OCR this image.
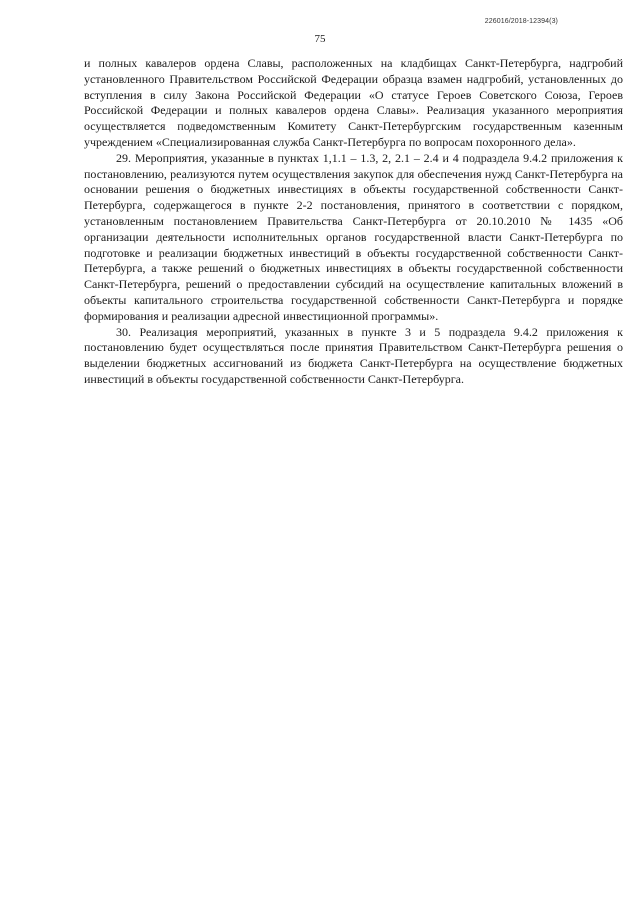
226016/2018-12394(3)
75

и полных кавалеров ордена Славы, расположенных на кладбищах Санкт-Петербурга, надгробий установленного Правительством Российской Федерации образца взамен надгробий, установленных до вступления в силу Закона Российской Федерации «О статусе Героев Советского Союза, Героев Российской Федерации и полных кавалеров ордена Славы». Реализация указанного мероприятия осуществляется подведомственным Комитету Санкт-Петербургским государственным казенным учреждением «Специализированная служба Санкт-Петербурга по вопросам похоронного дела».

29. Мероприятия, указанные в пунктах 1,1.1 – 1.3, 2, 2.1 – 2.4 и 4 подраздела 9.4.2 приложения к постановлению, реализуются путем осуществления закупок для обеспечения нужд Санкт-Петербурга на основании решения о бюджетных инвестициях в объекты государственной собственности Санкт-Петербурга, содержащегося в пункте 2-2 постановления, принятого в соответствии с порядком, установленным постановлением Правительства Санкт-Петербурга от 20.10.2010 № 1435 «Об организации деятельности исполнительных органов государственной власти Санкт-Петербурга по подготовке и реализации бюджетных инвестиций в объекты государственной собственности Санкт-Петербурга, а также решений о бюджетных инвестициях в объекты государственной собственности Санкт-Петербурга, решений о предоставлении субсидий на осуществление капитальных вложений в объекты капитального строительства государственной собственности Санкт-Петербурга и порядке формирования и реализации адресной инвестиционной программы».

30. Реализация мероприятий, указанных в пункте 3 и 5 подраздела 9.4.2 приложения к постановлению будет осуществляться после принятия Правительством Санкт-Петербурга решения о выделении бюджетных ассигнований из бюджета Санкт-Петербурга на осуществление бюджетных инвестиций в объекты государственной собственности Санкт-Петербурга.
